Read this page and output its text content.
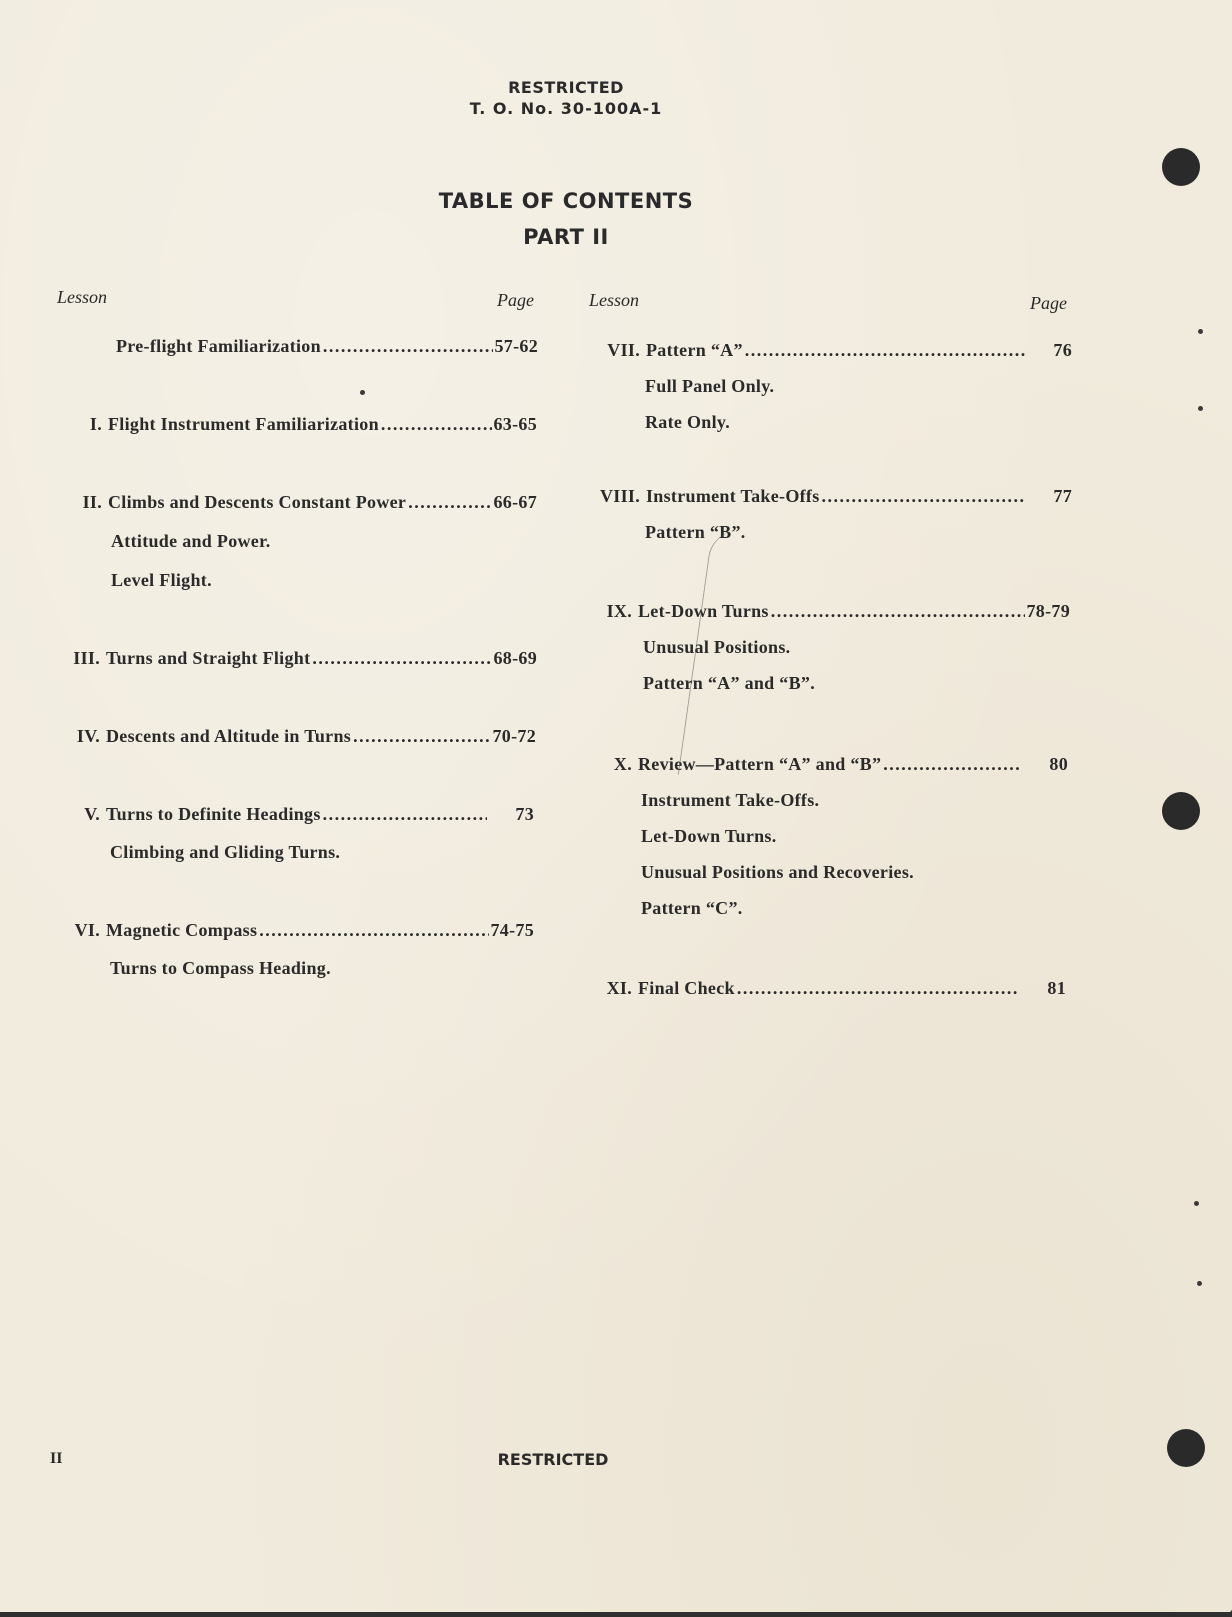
RESTRICTED
T. O. No. 30-100A-1
TABLE OF CONTENTS
PART II
Lesson	Page	Lesson	Page
Pre-flight Familiarization . . .	57-62
I. Flight Instrument Familiarization . . .	63-65
II. Climbs and Descents Constant Power . . .	66-67
Attitude and Power.
Level Flight.
III. Turns and Straight Flight . . .	68-69
IV. Descents and Altitude in Turns . . .	70-72
V. Turns to Definite Headings . . .	73
Climbing and Gliding Turns.
VI. Magnetic Compass . . .	74-75
Turns to Compass Heading.
VII. Pattern “A” . . .	76
Full Panel Only.
Rate Only.
VIII. Instrument Take-Offs . . .	77
Pattern “B”.
IX. Let-Down Turns . . .	78-79
Unusual Positions.
Pattern “A” and “B”.
X. Review—Pattern “A” and “B” . . .	80
Instrument Take-Offs.
Let-Down Turns.
Unusual Positions and Recoveries.
Pattern “C”.
XI. Final Check . . .	81
II	RESTRICTED
